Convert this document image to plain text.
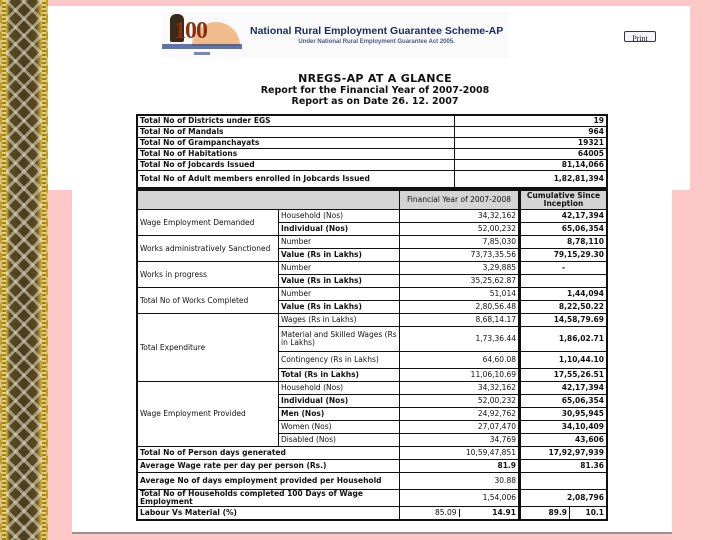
100	National Rural Employment Guarantee Scheme-AP
Under National Rural Employment Guarantee Act 2005.	Print
NREGS-AP AT A GLANCE
Report for the Financial Year of 2007-2008
Report as on Date 26. 12. 2007
Total No of Districts under EGS	19
Total No of Mandals	964
Total No of Grampanchayats	19321
Total No of Habitations	64005
Total No of Jobcards Issued	81,14,066
Total No of Adult members enrolled in Jobcards Issued	1,82,81,394
		Financial Year of 2007-2008	Cumulative Since Inception	
Wage Employment Demanded	Household (Nos)	34,32,162	42,17,394	
	Individual (Nos)	52,00,232	65,06,354	
Works administratively Sanctioned	Number	7,85,030	8,78,110	
	Value (Rs in Lakhs)	73,73,35.56	79,15,29.30	
Works in progress	Number	3,29,885	-	
	Value (Rs in Lakhs)	35,25,62.87		
Total No of Works Completed	Number	51,014	1,44,094	
	Value (Rs in Lakhs)	2,80,56.48	8,22,50.22	
Total Expenditure	Wages (Rs in Lakhs)	8,68,14.17	14,58,79.69	
	Material and Skilled Wages (Rs in Lakhs)	1,73,36.44	1,86,02.71	
	Contingency (Rs in Lakhs)	64,60.08	1,10,44.10	
	Total (Rs in Lakhs)	11,06,10.69	17,55,26.51	
Wage Employment Provided	Household (Nos)	34,32,162	42,17,394	
	Individual (Nos)	52,00,232	65,06,354	
	Men (Nos)	24,92,762	30,95,945	
	Women (Nos)	27,07,470	34,10,409	
	Disabled (Nos)	34,769	43,606	
Total No of Person days generated		10,59,47,851	17,92,97,939	
Average Wage rate per day per person (Rs.)		81.9	81.36	
Average No of days employment provided per Household		30.88		
Total No of Households completed 100 Days of Wage Employment		1,54,006	2,08,796	
Labour Vs Material (%)		85.09 14.91	89.9	10.1
